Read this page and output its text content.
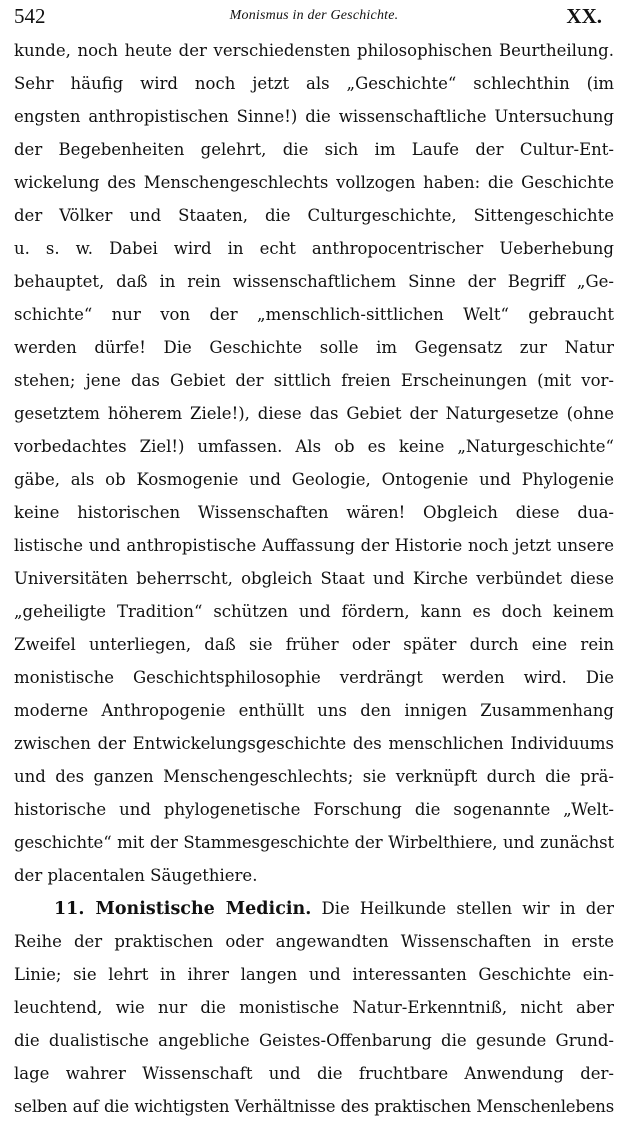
542	Monismus in der Geschichte.	XX.
kunde, noch heute der verschiedensten philosophischen Beurtheilung.
Sehr häufig wird noch jetzt als „Geschichte“ schlechthin (im
engsten anthropistischen Sinne!) die wissenschaftliche Untersuchung
der Begebenheiten gelehrt, die sich im Laufe der Cultur-Ent-
wickelung des Menschengeschlechts vollzogen haben: die Geschichte
der Völker und Staaten, die Culturgeschichte, Sittengeschichte
u. s. w. Dabei wird in echt anthropocentrischer Ueberhebung
behauptet, daß in rein wissenschaftlichem Sinne der Begriff „Ge-
schichte“ nur von der „menschlich-sittlichen Welt“ gebraucht
werden dürfe! Die Geschichte solle im Gegensatz zur Natur
stehen; jene das Gebiet der sittlich freien Erscheinungen (mit vor-
gesetztem höherem Ziele!), diese das Gebiet der Naturgesetze (ohne
vorbedachtes Ziel!) umfassen. Als ob es keine „Naturgeschichte“
gäbe, als ob Kosmogenie und Geologie, Ontogenie und Phylogenie
keine historischen Wissenschaften wären! Obgleich diese dua-
listische und anthropistische Auffassung der Historie noch jetzt unsere
Universitäten beherrscht, obgleich Staat und Kirche verbündet diese
„geheiligte Tradition“ schützen und fördern, kann es doch keinem
Zweifel unterliegen, daß sie früher oder später durch eine rein
monistische Geschichtsphilosophie verdrängt werden wird. Die
moderne Anthropogenie enthüllt uns den innigen Zusammenhang
zwischen der Entwickelungsgeschichte des menschlichen Individuums
und des ganzen Menschengeschlechts; sie verknüpft durch die prä-
historische und phylogenetische Forschung die sogenannte „Welt-
geschichte“ mit der Stammesgeschichte der Wirbelthiere, und zunächst
der placentalen Säugethiere.
11. Monistische Medicin. Die Heilkunde stellen wir in der
Reihe der praktischen oder angewandten Wissenschaften in erste
Linie; sie lehrt in ihrer langen und interessanten Geschichte ein-
leuchtend, wie nur die monistische Natur-Erkenntniß, nicht aber
die dualistische angebliche Geistes-Offenbarung die gesunde Grund-
lage wahrer Wissenschaft und die fruchtbare Anwendung der-
selben auf die wichtigsten Verhältnisse des praktischen Menschenlebens
